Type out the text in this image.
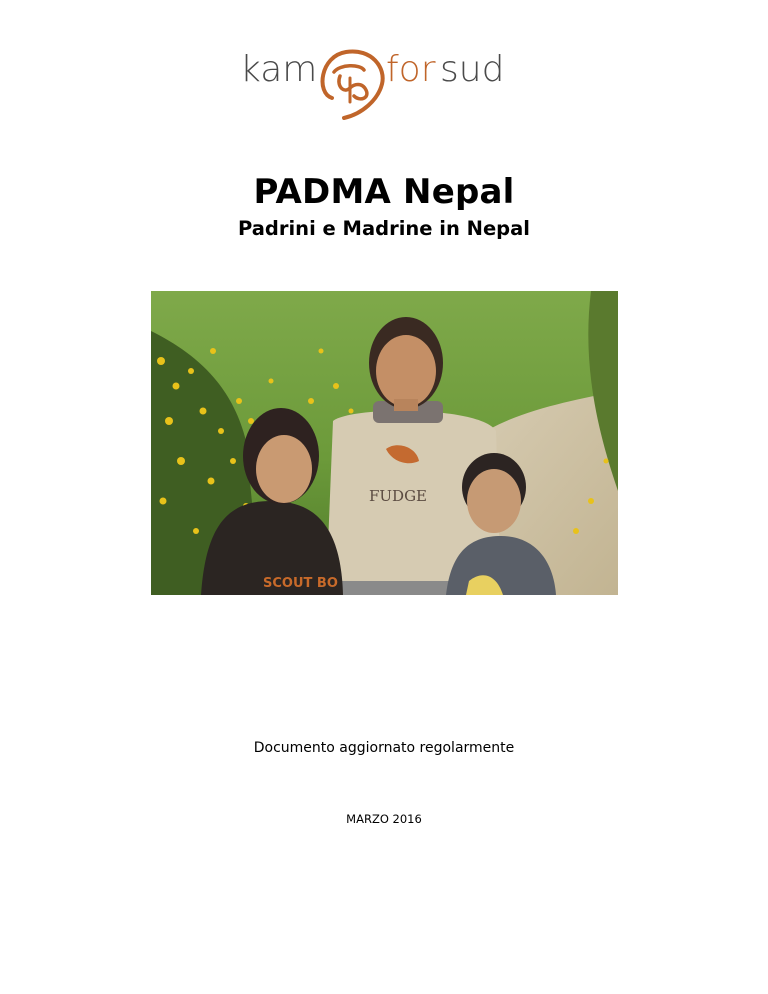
kam for sud
PADMA Nepal
Padrini e Madrine in Nepal
FUDGE
SCOUT BO
Documento aggiornato regolarmente
MARZO 2016
